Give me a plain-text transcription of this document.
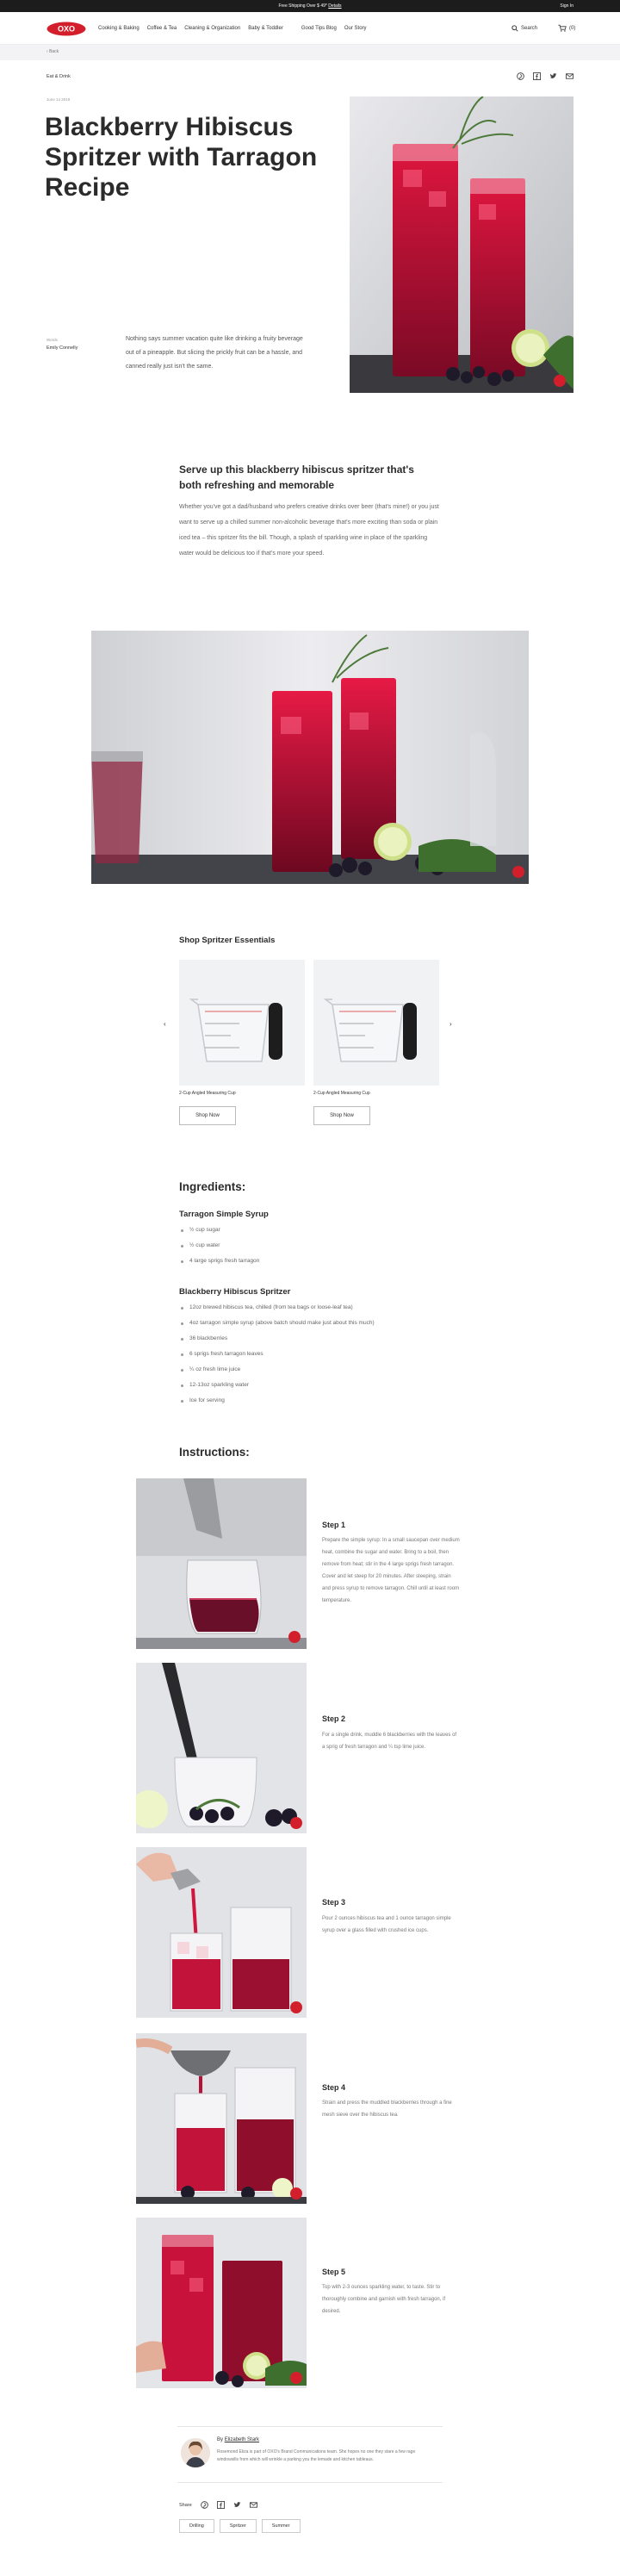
Free Shipping Over $ 49* Details	Sign In
OXO	Cooking & Baking Coffee & Tea Cleaning & Organization Baby & Toddler	Good Tips Blog Our Story	Search	(0)
‹ Back
Eat & Drink
June 14 2018
Blackberry Hibiscus Spritzer with Tarragon Recipe
Words
Emily Connelly

Nothing says summer vacation quite like drinking a fruity beverage out of a pineapple. But slicing the prickly fruit can be a hassle, and canned really just isn't the same.

Serve up this blackberry hibiscus spritzer that's both refreshing and memorable

Whether you've got a dad/husband who prefers creative drinks over beer (that's mine!) or you just want to serve up a chilled summer non-alcoholic beverage that's more exciting than soda or plain iced tea – this spritzer fits the bill. Though, a splash of sparkling wine in place of the sparkling water would be delicious too if that's more your speed.

Shop Spritzer Essentials
‹	›
2-Cup Angled Measuring Cup
Shop Now
2-Cup Angled Measuring Cup
Shop Now
Ingredients:
Tarragon Simple Syrup
½ cup sugar
½ cup water
4 large sprigs fresh tarragon
Blackberry Hibiscus Spritzer
12oz brewed hibiscus tea, chilled (from tea bags or loose-leaf tea)
4oz tarragon simple syrup (above batch should make just about this much)
36 blackberries
6 sprigs fresh tarragon leaves
¼ oz fresh lime juice
12-13oz sparkling water
Ice for serving
Instructions:
Step 1

Prepare the simple syrup: In a small saucepan over medium heat, combine the sugar and water. Bring to a boil, then remove from heat; stir in the 4 large sprigs fresh tarragon. Cover and let steep for 20 minutes. After steeping, strain and press syrup to remove tarragon. Chill until at least room temperature.

Step 2

For a single drink, muddle 6 blackberries with the leaves of a sprig of fresh tarragon and ¼ tsp lime juice.

Step 3

Pour 2 ounces hibiscus tea and 1 ounce tarragon simple syrup over a glass filled with crushed ice cups.

Step 4

Strain and press the muddled blackberries through a fine mesh sieve over the hibiscus tea.

Step 5

Top with 2-3 ounces sparkling water, to taste. Stir to thoroughly combine and garnish with fresh tarragon, if desired.

By Elizabeth Stark

Rosemond Eliza is part of OXO's Brand Communications team. She hopes no one they stare a few rage windowsills from which will wrinkle a parking you the lemade and kitchen tableaus.

Share
Drilling	Spritzer	Summer
